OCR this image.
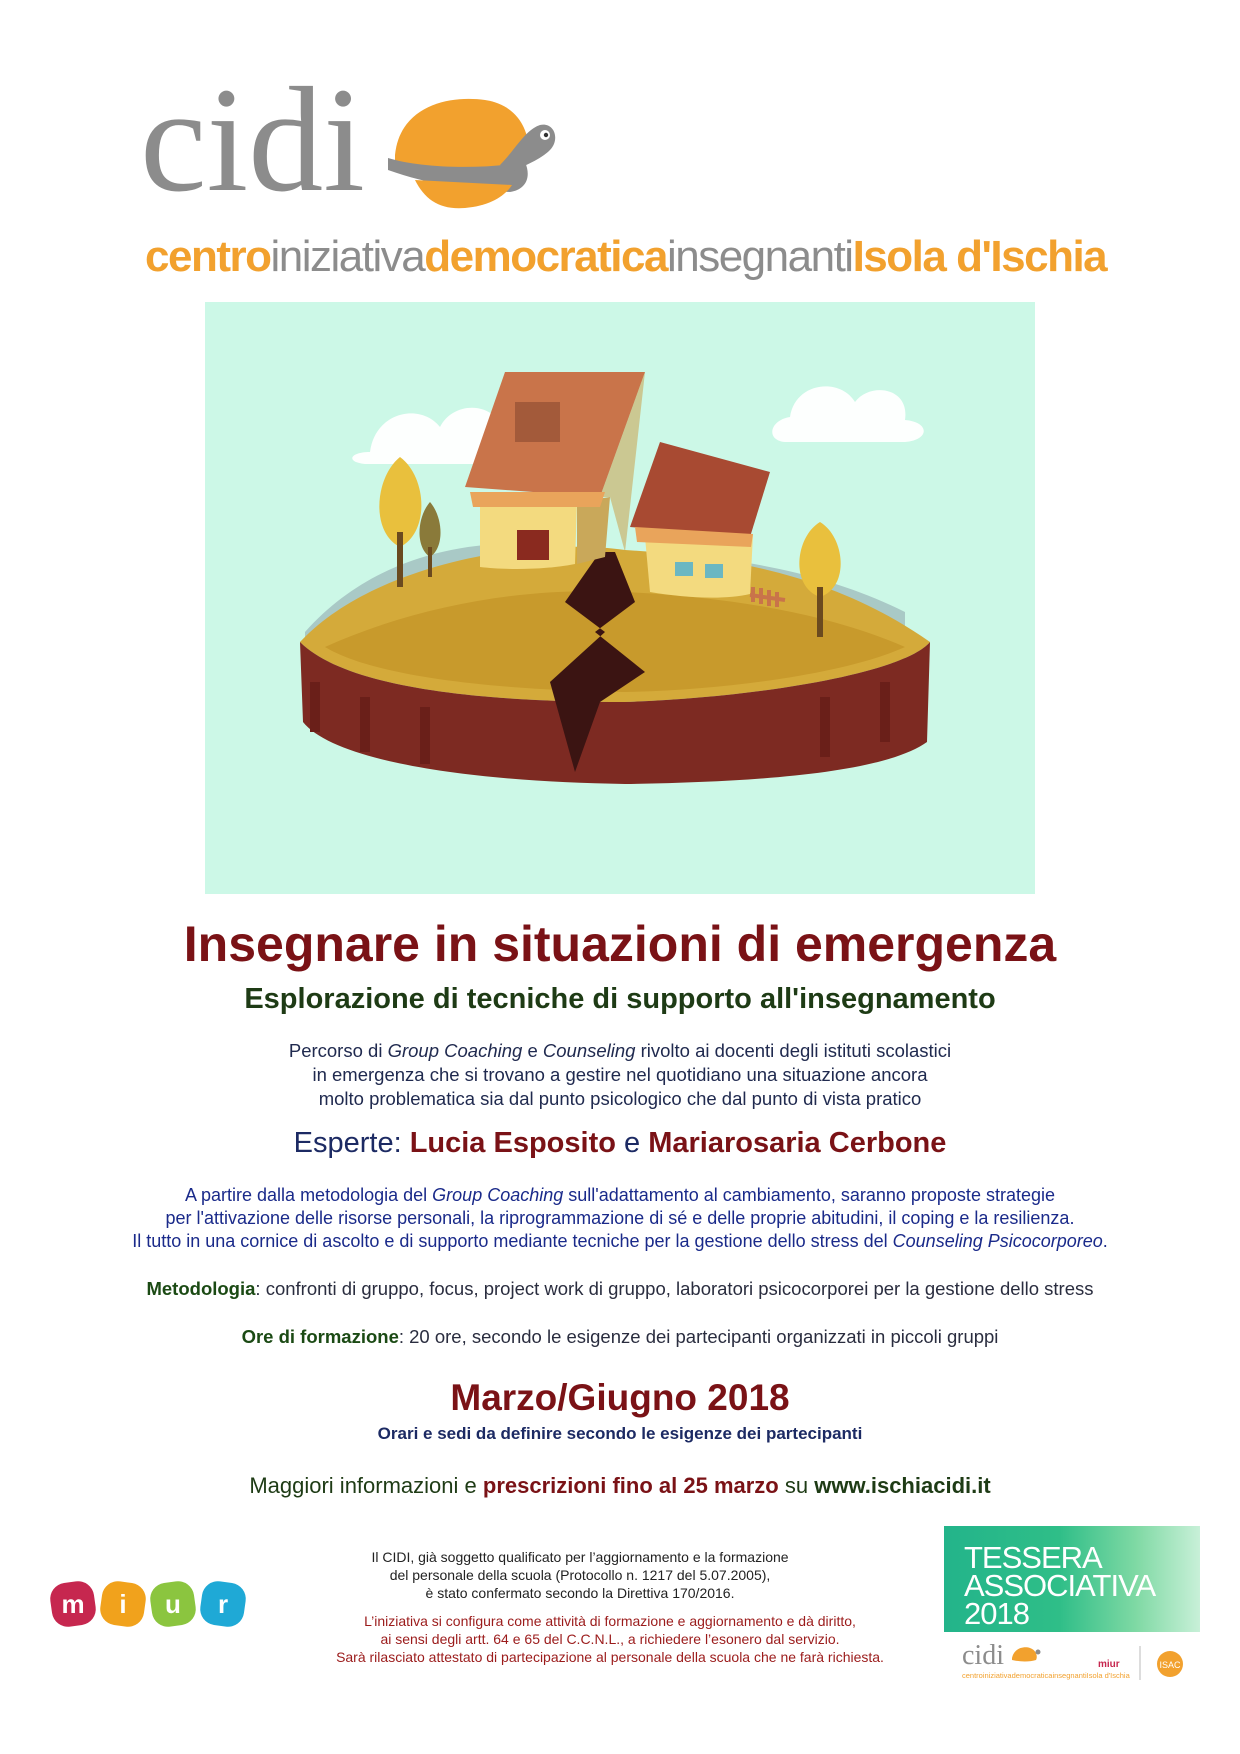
cidi
centroiniziativademocraticainsegnantiIsola d'Ischia
Insegnare in situazioni di emergenza
Esplorazione di tecniche di supporto all'insegnamento
Percorso di Group Coaching e Counseling rivolto ai docenti degli istituti scolastici
in emergenza che si trovano a gestire nel quotidiano una situazione ancora
molto problematica sia dal punto psicologico che dal punto di vista pratico
Esperte: Lucia Esposito e Mariarosaria Cerbone
A partire dalla metodologia del Group Coaching sull'adattamento al cambiamento, saranno proposte strategie
per l'attivazione delle risorse personali, la riprogrammazione di sé e delle proprie abitudini, il coping e la resilienza.
Il tutto in una cornice di ascolto e di supporto mediante tecniche per la gestione dello stress del Counseling Psicocorporeo.
Metodologia: confronti di gruppo, focus, project work di gruppo, laboratori psicocorporei per la gestione dello stress
Ore di formazione: 20 ore, secondo le esigenze dei partecipanti organizzati in piccoli gruppi
Marzo/Giugno 2018
Orari e sedi da definire secondo le esigenze dei partecipanti
Maggiori informazioni e prescrizioni fino al 25 marzo su www.ischiacidi.it
m i u r
Il CIDI, già soggetto qualificato per l’aggiornamento e la formazione
del personale della scuola (Protocollo n. 1217 del 5.07.2005),
è stato confermato secondo la Direttiva 170/2016.
L’iniziativa si configura come attività di formazione e aggiornamento e dà diritto,
ai sensi degli artt. 64 e 65 del C.C.N.L., a richiedere l’esonero dal servizio.
Sarà rilasciato attestato di partecipazione al personale della scuola che ne farà richiesta.
TESSERA
ASSOCIATIVA
2018
cidi
centroiniziativademocraticainsegnantiIsola d'Ischia
miur	ISAC
